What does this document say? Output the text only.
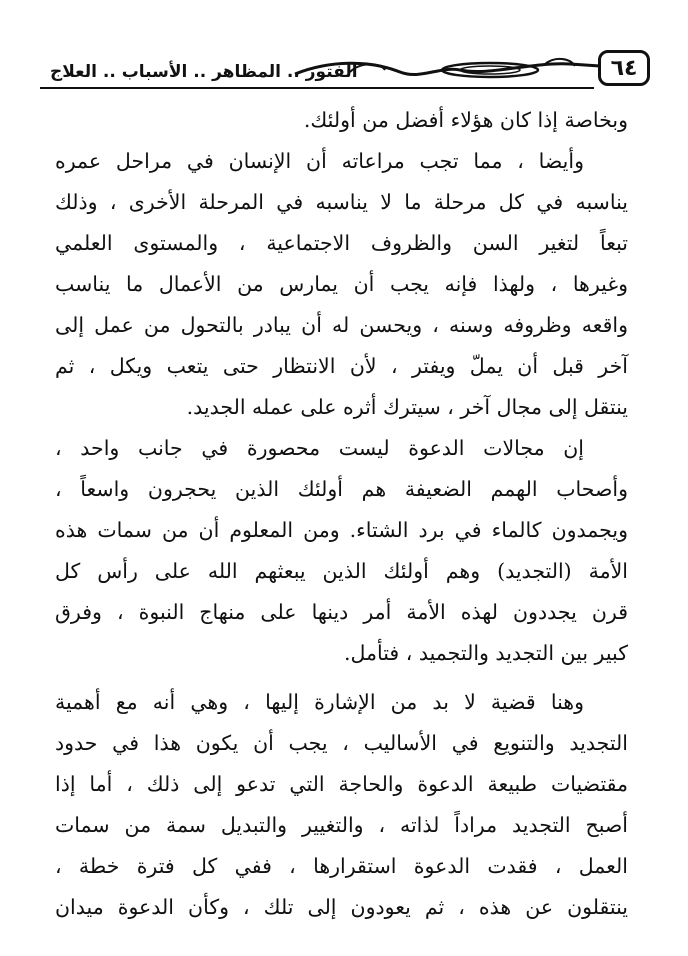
٦٤
الفتور .. المظاهر .. الأسباب .. العلاج
وبخاصة إذا كان هؤلاء أفضل من أولئك.
وأيضا ، مما تجب مراعاته أن الإنسان في مراحل عمره
يناسبه في كل مرحلة ما لا يناسبه في المرحلة الأخرى ، وذلك
تبعاً لتغير السن والظروف الاجتماعية ، والمستوى العلمي
وغيرها ، ولهذا فإنه يجب أن يمارس من الأعمال ما يناسب
واقعه وظروفه وسنه ، ويحسن له أن يبادر بالتحول من عمل إلى
آخر قبل أن يملّ ويفتر ، لأن الانتظار حتى يتعب ويكل ، ثم
ينتقل إلى مجال آخر ، سيترك أثره على عمله الجديد.
إن مجالات الدعوة ليست محصورة في جانب واحد ،
وأصحاب الهمم الضعيفة هم أولئك الذين يحجرون واسعاً ،
ويجمدون كالماء في برد الشتاء. ومن المعلوم أن من سمات هذه
الأمة (التجديد) وهم أولئك الذين يبعثهم الله على رأس كل
قرن يجددون لهذه الأمة أمر دينها على منهاج النبوة ، وفرق
كبير بين التجديد والتجميد ، فتأمل.
وهنا قضية لا بد من الإشارة إليها ، وهي أنه مع أهمية
التجديد والتنويع في الأساليب ، يجب أن يكون هذا في حدود
مقتضيات طبيعة الدعوة والحاجة التي تدعو إلى ذلك ، أما إذا
أصبح التجديد مراداً لذاته ، والتغيير والتبديل سمة من سمات
العمل ، فقدت الدعوة استقرارها ، ففي كل فترة خطة ،
ينتقلون عن هذه ، ثم يعودون إلى تلك ، وكأن الدعوة ميدان
